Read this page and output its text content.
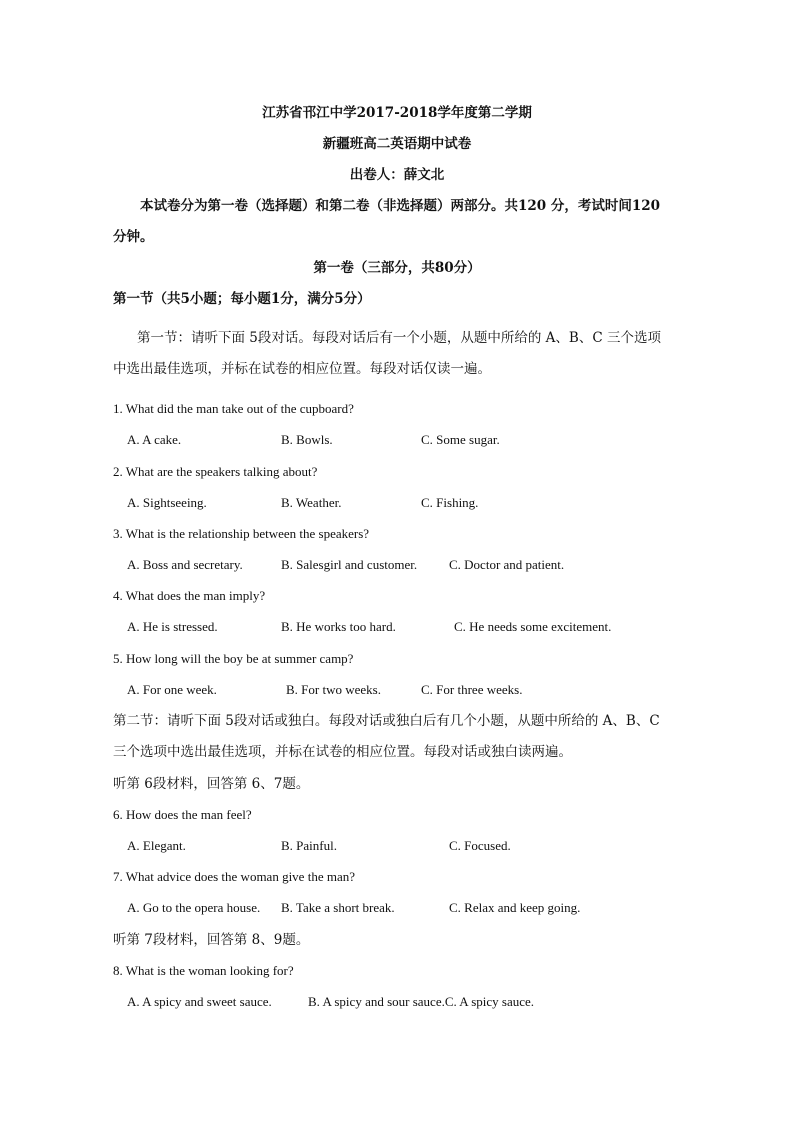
江苏省邗江中学2017-2018学年度第二学期
新疆班高二英语期中试卷
出卷人：薛文北
本试卷分为第一卷（选择题）和第二卷（非选择题）两部分。共120 分，考试时间120
分钟。
第一卷（三部分，共80分）
第一节（共5小题；每小题1分，满分5分）
第一节：请听下面 5段对话。每段对话后有一个小题，从题中所给的 A、B、C 三个选项
中选出最佳选项，并标在试卷的相应位置。每段对话仅读一遍。
1. What did the man take out of the cupboard?
A. A cake.	B. Bowls.	C. Some sugar.
2. What are the speakers talking about?
A. Sightseeing.	B. Weather.	C. Fishing.
3. What is the relationship between the speakers?
A. Boss and secretary.	B. Salesgirl and customer. C. Doctor and patient.
4. What does the man imply?
A. He is stressed.	B. He works too hard.	C. He needs some excitement.
5. How long will the boy be at summer camp?
A. For one week.	B. For two weeks.	C. For three weeks.
第二节：请听下面 5段对话或独白。每段对话或独白后有几个小题，从题中所给的 A、B、C
三个选项中选出最佳选项，并标在试卷的相应位置。每段对话或独白读两遍。
听第 6段材料，回答第 6、7题。
6. How does the man feel?
A. Elegant.	B. Painful.	C. Focused.
7. What advice does the woman give the man?
A. Go to the opera house. B. Take a short break.	C. Relax and keep going.
听第 7段材料，回答第 8、9题。
8. What is the woman looking for?
A. A spicy and sweet sauce.	B. A spicy and sour sauce.C. A spicy sauce.
